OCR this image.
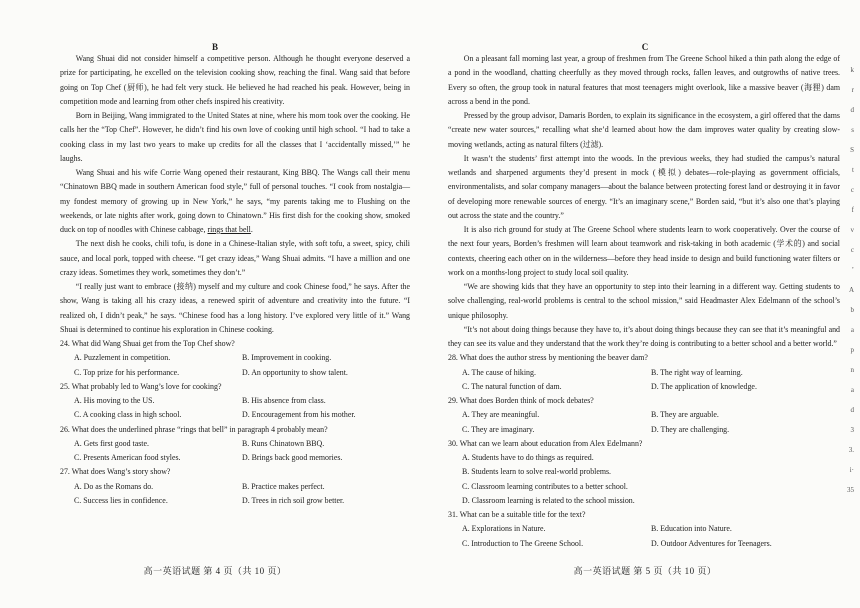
B

Wang Shuai did not consider himself a competitive person. Although he thought everyone deserved a prize for participating, he excelled on the television cooking show, reaching the final. Wang said that before going on Top Chef (厨师), he had felt very stuck. He believed he had reached his peak. However, being in competition mode and learning from other chefs inspired his creativity.

Born in Beijing, Wang immigrated to the United States at nine, where his mom took over the cooking. He calls her the “Top Chef”. However, he didn’t find his own love of cooking until high school. “I had to take a cooking class in my last two years to make up credits for all the classes that I ‘accidentally missed,’” he laughs.

Wang Shuai and his wife Corrie Wang opened their restaurant, King BBQ. The Wangs call their menu “Chinatown BBQ made in southern American food style,” full of personal touches. “I cook from nostalgia—my fondest memory of growing up in New York,” he says, “my parents taking me to Flushing on the weekends, or late nights after work, going down to Chinatown.” His first dish for the cooking show, smoked duck on top of noodles with Chinese cabbage, rings that bell.

The next dish he cooks, chili tofu, is done in a Chinese-Italian style, with soft tofu, a sweet, spicy, chili sauce, and local pork, topped with cheese. “I get crazy ideas,” Wang Shuai admits. “I have a million and one crazy ideas. Sometimes they work, sometimes they don’t.”

“I really just want to embrace (接纳) myself and my culture and cook Chinese food,” he says. After the show, Wang is taking all his crazy ideas, a renewed spirit of adventure and creativity into the future. “I realized oh, I didn’t peak,” he says. “Chinese food has a long history. I’ve explored very little of it.” Wang Shuai is determined to continue his exploration in Chinese cooking.

24. What did Wang Shuai get from the Top Chef show?
A. Puzzlement in competition.	B. Improvement in cooking.
C. Top prize for his performance.	D. An opportunity to show talent.
25. What probably led to Wang’s love for cooking?
A. His moving to the US.	B. His absence from class.
C. A cooking class in high school.	D. Encouragement from his mother.
26. What does the underlined phrase “rings that bell” in paragraph 4 probably mean?
A. Gets first good taste.	B. Runs Chinatown BBQ.
C. Presents American food styles.	D. Brings back good memories.
27. What does Wang’s story show?
A. Do as the Romans do.	B. Practice makes perfect.
C. Success lies in confidence.	D. Trees in rich soil grow better.
高一英语试题 第 4 页（共 10 页）
C

On a pleasant fall morning last year, a group of freshmen from The Greene School hiked a thin path along the edge of a pond in the woodland, chatting cheerfully as they moved through rocks, fallen leaves, and outgrowths of native trees. Every so often, the group took in natural features that most teenagers might overlook, like a massive beaver (海狸) dam across a bend in the pond.

Pressed by the group advisor, Damaris Borden, to explain its significance in the ecosystem, a girl offered that the dams “create new water sources,” recalling what she’d learned about how the dam improves water quality by creating slow-moving wetlands, acting as natural filters (过滤).

It wasn’t the students’ first attempt into the woods. In the previous weeks, they had studied the campus’s natural wetlands and sharpened arguments they’d present in mock (模拟) debates—role-playing as government officials, environmentalists, and solar company managers—about the balance between protecting forest land or destroying it in favor of developing more renewable sources of energy. “It’s an imaginary scene,” Borden said, “but it’s also one that’s playing out across the state and the country.”

It is also rich ground for study at The Greene School where students learn to work cooperatively. Over the course of the next four years, Borden’s freshmen will learn about teamwork and risk-taking in both academic (学术的) and social contexts, cheering each other on in the wilderness—before they head inside to design and build functioning water filters or work on a months-long project to study local soil quality.

“We are showing kids that they have an opportunity to step into their learning in a different way. Getting students to solve challenging, real-world problems is central to the school mission,” said Headmaster Alex Edelmann of the school’s unique philosophy.

“It’s not about doing things because they have to, it’s about doing things because they can see that it’s meaningful and they can see its value and they understand that the work they’re doing is contributing to a better school and a better world.”

28. What does the author stress by mentioning the beaver dam?
A. The cause of hiking.	B. The right way of learning.
C. The natural function of dam.	D. The application of knowledge.
29. What does Borden think of mock debates?
A. They are meaningful.	B. They are arguable.
C. They are imaginary.	D. They are challenging.
30. What can we learn about education from Alex Edelmann?
A. Students have to do things as required.
B. Students learn to solve real-world problems.
C. Classroom learning contributes to a better school.
D. Classroom learning is related to the school mission.
31. What can be a suitable title for the text?
A. Explorations in Nature.	B. Education into Nature.
C. Introduction to The Greene School.	D. Outdoor Adventures for Teenagers.
高一英语试题 第 5 页（共 10 页）
k
r
d
s
S
t
c
f
v
c
’
A
b
a
p
n
a
d
3
3.
i·
35
